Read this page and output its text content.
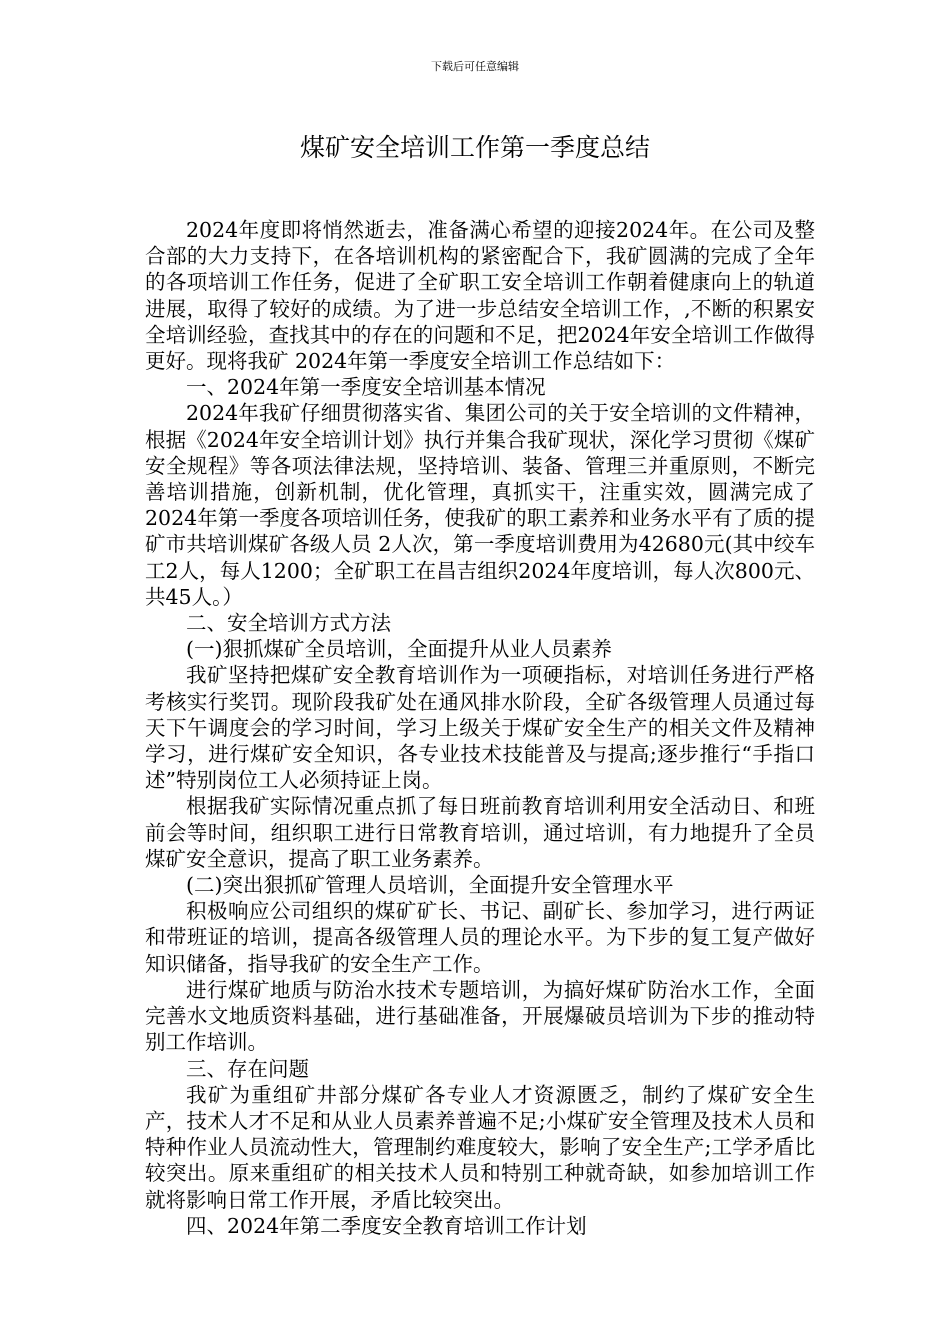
下载后可任意编辑
煤矿安全培训工作第一季度总结

2024年度即将悄然逝去，准备满心希望的迎接2024年。在公司及整合部的大力支持下，在各培训机构的紧密配合下，我矿圆满的完成了全年的各项培训工作任务，促进了全矿职工安全培训工作朝着健康向上的轨道进展，取得了较好的成绩。为了进一步总结安全培训工作，,不断的积累安全培训经验，查找其中的存在的问题和不足，把2024年安全培训工作做得更好。现将我矿 2024年第一季度安全培训工作总结如下：

一、2024年第一季度安全培训基本情况

2024年我矿仔细贯彻落实省、集团公司的关于安全培训的文件精神，根据《2024年安全培训计划》执行并集合我矿现状，深化学习贯彻《煤矿安全规程》等各项法律法规，坚持培训、装备、管理三并重原则，不断完善培训措施，创新机制，优化管理，真抓实干，注重实效，圆满完成了2024年第一季度各项培训任务，使我矿的职工素养和业务水平有了质的提矿市共培训煤矿各级人员 2人次，第一季度培训费用为42680元(其中绞车工2人，每人1200；全矿职工在昌吉组织2024年度培训，每人次800元、共45人。）

二、安全培训方式方法

(一)狠抓煤矿全员培训，全面提升从业人员素养

我矿坚持把煤矿安全教育培训作为一项硬指标，对培训任务进行严格考核实行奖罚。现阶段我矿处在通风排水阶段，全矿各级管理人员通过每天下午调度会的学习时间，学习上级关于煤矿安全生产的相关文件及精神学习，进行煤矿安全知识，各专业技术技能普及与提高;逐步推行“手指口述”特别岗位工人必须持证上岗。

根据我矿实际情况重点抓了每日班前教育培训利用安全活动日、和班前会等时间，组织职工进行日常教育培训，通过培训，有力地提升了全员煤矿安全意识，提高了职工业务素养。

(二)突出狠抓矿管理人员培训，全面提升安全管理水平

积极响应公司组织的煤矿矿长、书记、副矿长、参加学习，进行两证和带班证的培训，提高各级管理人员的理论水平。为下步的复工复产做好知识储备，指导我矿的安全生产工作。

进行煤矿地质与防治水技术专题培训，为搞好煤矿防治水工作，全面完善水文地质资料基础，进行基础准备，开展爆破员培训为下步的推动特别工作培训。

三、存在问题

我矿为重组矿井部分煤矿各专业人才资源匮乏，制约了煤矿安全生产，技术人才不足和从业人员素养普遍不足;小煤矿安全管理及技术人员和特种作业人员流动性大，管理制约难度较大，影响了安全生产;工学矛盾比较突出。原来重组矿的相关技术人员和特别工种就奇缺，如参加培训工作就将影响日常工作开展，矛盾比较突出。

四、2024年第二季度安全教育培训工作计划
